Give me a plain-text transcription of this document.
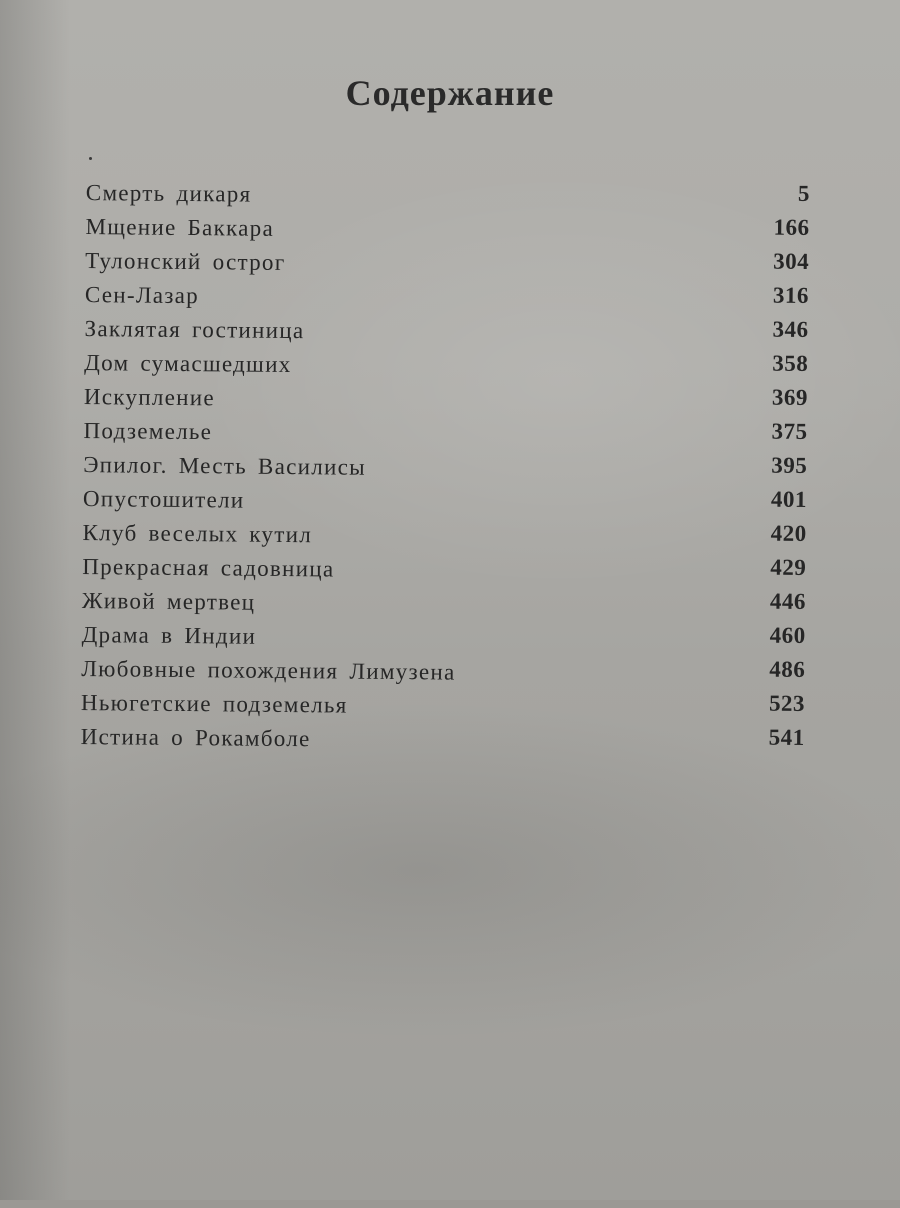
Содержание
Смерть дикаря	5
Мщение Баккара	166
Тулонский острог	304
Сен-Лазар	316
Заклятая гостиница	346
Дом сумасшедших	358
Искупление	369
Подземелье	375
Эпилог. Месть Василисы	395
Опустошители	401
Клуб веселых кутил	420
Прекрасная садовница	429
Живой мертвец	446
Драма в Индии	460
Любовные похождения Лимузена	486
Ньюгетские подземелья	523
Истина о Рокамболе	541
